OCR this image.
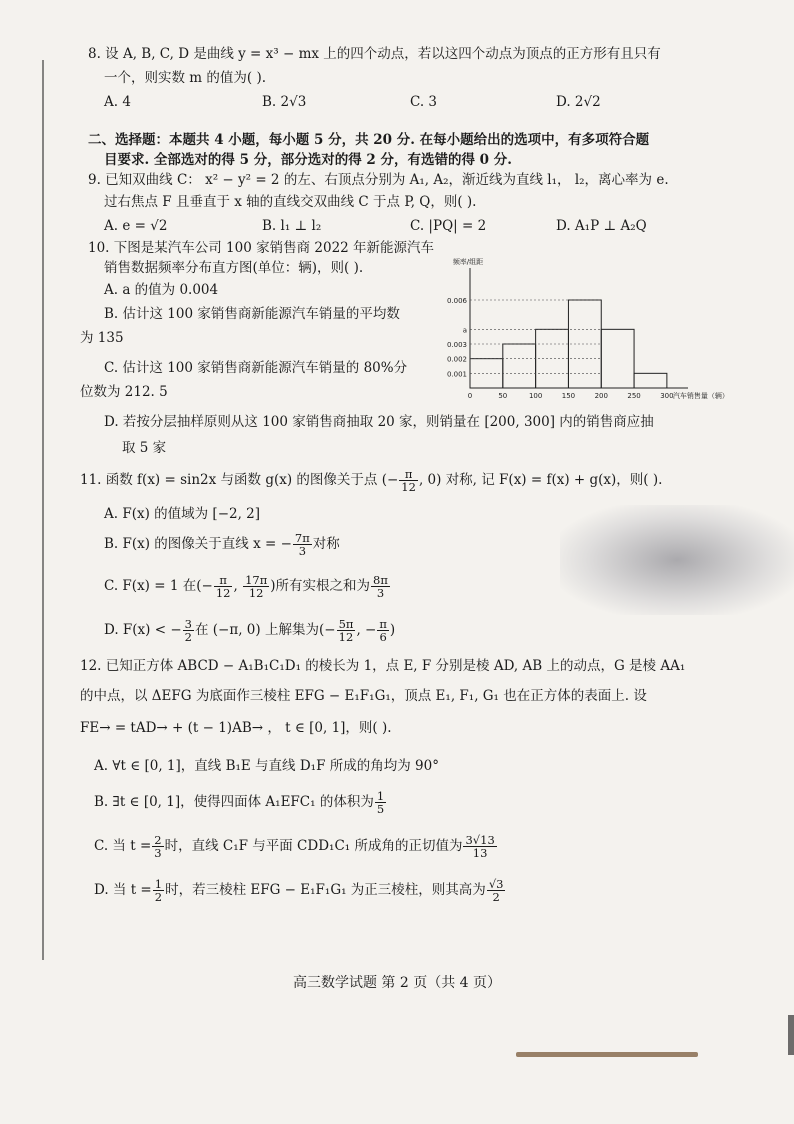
8. 设 A, B, C, D 是曲线 y = x³ − mx 上的四个动点，若以这四个动点为顶点的正方形有且只有
一个，则实数 m 的值为( ).
A. 4	B. 2√3	C. 3	D. 2√2
二、选择题：本题共 4 小题，每小题 5 分，共 20 分. 在每小题给出的选项中，有多项符合题
目要求. 全部选对的得 5 分，部分选对的得 2 分，有选错的得 0 分.
9. 已知双曲线 C： x² − y² = 2 的左、右顶点分别为 A₁, A₂，渐近线为直线 l₁， l₂，离心率为 e.
过右焦点 F 且垂直于 x 轴的直线交双曲线 C 于点 P, Q，则( ).
A. e = √2	B. l₁ ⊥ l₂	C. |PQ| = 2	D. A₁P ⊥ A₂Q
10. 下图是某汽车公司 100 家销售商 2022 年新能源汽车
销售数据频率分布直方图(单位：辆)，则( ).
A. a 的值为 0.004
B. 估计这 100 家销售商新能源汽车销量的平均数
为 135
C. 估计这 100 家销售商新能源汽车销量的 80%分
位数为 212. 5
D. 若按分层抽样原则从这 100 家销售商抽取 20 家，则销量在 [200, 300] 内的销售商应抽
取 5 家
0.001
0.002
0.003
a
0.006
0	50	100	150	200	250	300 汽车销售量（辆）
频率/组距
11. 函数 f(x) = sin2x 与函数 g(x) 的图像关于点 (− $\frac{\pi}{12}$ , 0) 对称, 记 F(x) = f(x) + g(x)，则( ).
A. F(x) 的值域为 [−2, 2]
B. F(x) 的图像关于直线 x = − $\frac{7\pi}{3}$ 对称
C. F(x) = 1 在(− $\frac{\pi}{12}$ , $\frac{17\pi}{12}$ )所有实根之和为 $\frac{8\pi}{3}$
D. F(x) < − $\frac{3}{2}$ 在 (−π, 0) 上解集为(− $\frac{5\pi}{12}$ , − $\frac{\pi}{6}$ )
12. 已知正方体 ABCD − A₁B₁C₁D₁ 的棱长为 1，点 E, F 分别是棱 AD, AB 上的动点，G 是棱 AA₁
的中点，以 ΔEFG 为底面作三棱柱 EFG − E₁F₁G₁，顶点 E₁, F₁, G₁ 也在正方体的表面上. 设
FE→ = tAD→ + (t − 1)AB→ ， t ∈ [0, 1]，则( ).
A. ∀t ∈ [0, 1]，直线 B₁E 与直线 D₁F 所成的角均为 90°
B. ∃t ∈ [0, 1]，使得四面体 A₁EFC₁ 的体积为 $\frac{1}{5}$
C. 当 $t = \frac{2}{3}$ 时，直线 C₁F 与平面 CDD₁C₁ 所成角的正切值为 $\frac{3√13}{13}$
D. 当 $t = \frac{1}{2}$ 时，若三棱柱 EFG − E₁F₁G₁ 为正三棱柱，则其高为 $\frac{√3}{2}$
高三数学试题 第 2 页（共 4 页）
